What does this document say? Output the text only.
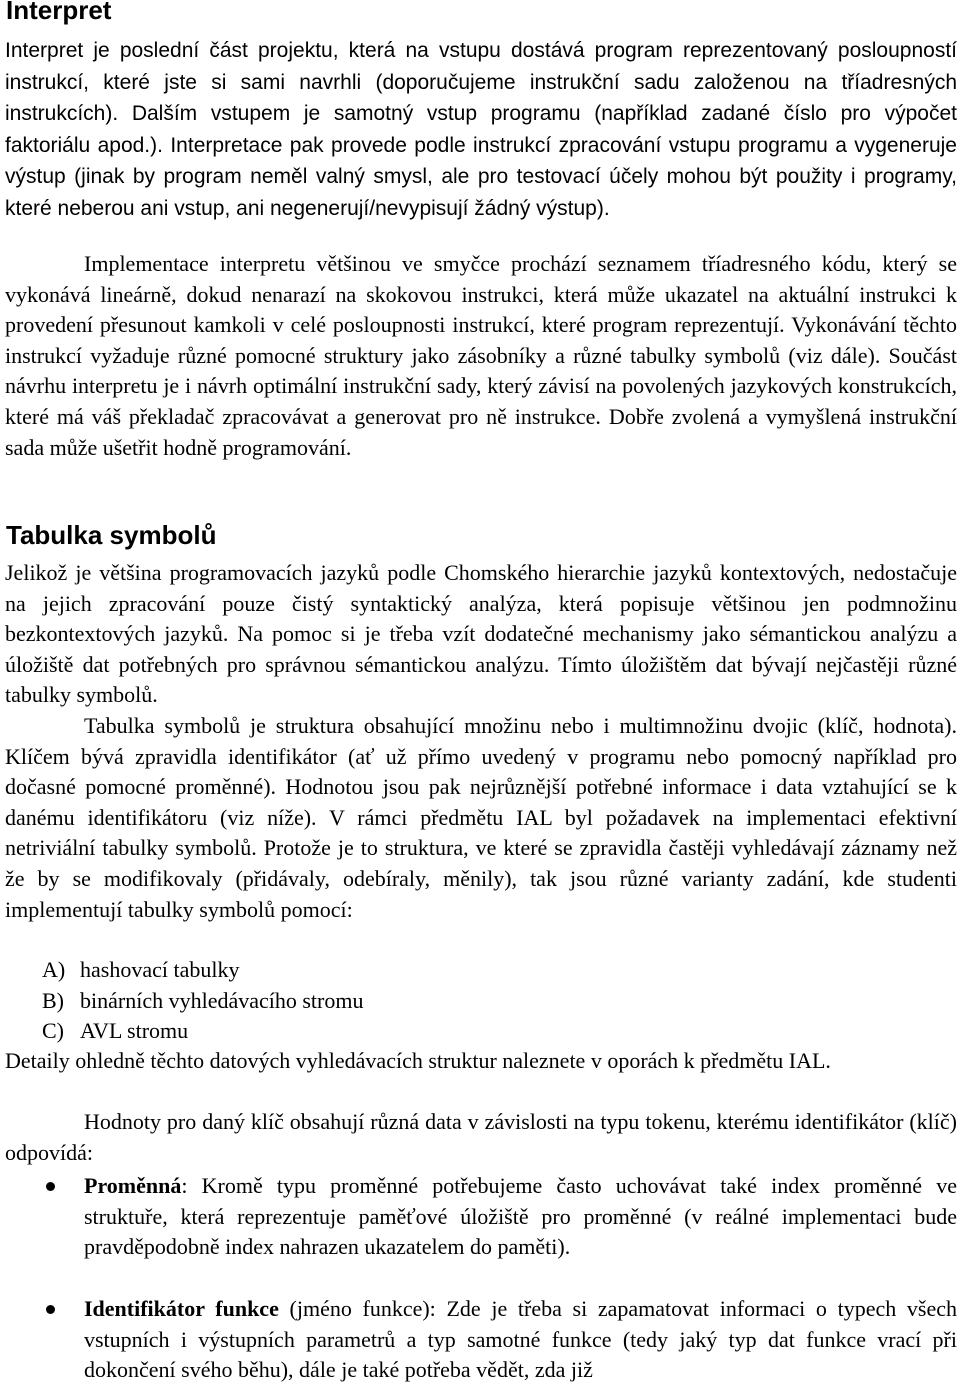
Interpret

Interpret je poslední část projektu, která na vstupu dostává program reprezentovaný posloupností instrukcí, které jste si sami navrhli (doporučujeme instrukční sadu založenou na tříadresných instrukcích). Dalším vstupem je samotný vstup programu (například zadané číslo pro výpočet faktoriálu apod.). Interpretace pak provede podle instrukcí zpracování vstupu programu a vygeneruje výstup (jinak by program neměl valný smysl, ale pro testovací účely mohou být použity i programy, které neberou ani vstup, ani negenerují/nevypisují žádný výstup).

Implementace interpretu většinou ve smyčce prochází seznamem tříadresného kódu, který se vykonává lineárně, dokud nenarazí na skokovou instrukci, která může ukazatel na aktuální instrukci k provedení přesunout kamkoli v celé posloupnosti instrukcí, které program reprezentují. Vykonávání těchto instrukcí vyžaduje různé pomocné struktury jako zásobníky a různé tabulky symbolů (viz dále). Součást návrhu interpretu je i návrh optimální instrukční sady, který závisí na povolených jazykových konstrukcích, které má váš překladač zpracovávat a generovat pro ně instrukce. Dobře zvolená a vymyšlená instrukční sada může ušetřit hodně programování.

Tabulka symbolů

Jelikož je většina programovacích jazyků podle Chomského hierarchie jazyků kontextových, nedostačuje na jejich zpracování pouze čistý syntaktický analýza, která popisuje většinou jen podmnožinu bezkontextových jazyků. Na pomoc si je třeba vzít dodatečné mechanismy jako sémantickou analýzu a úložiště dat potřebných pro správnou sémantickou analýzu. Tímto úložištěm dat bývají nejčastěji různé tabulky symbolů.

Tabulka symbolů je struktura obsahující množinu nebo i multimnožinu dvojic (klíč, hodnota). Klíčem bývá zpravidla identifikátor (ať už přímo uvedený v programu nebo pomocný například pro dočasné pomocné proměnné). Hodnotou jsou pak nejrůznější potřebné informace i data vztahující se k danému identifikátoru (viz níže). V rámci předmětu IAL byl požadavek na implementaci efektivní netriviální tabulky symbolů. Protože je to struktura, ve které se zpravidla častěji vyhledávají záznamy než že by se modifikovaly (přidávaly, odebíraly, měnily), tak jsou různé varianty zadání, kde studenti implementují tabulky symbolů pomocí:

A) hashovací tabulky
B) binárních vyhledávacího stromu
C) AVL stromu

Detaily ohledně těchto datových vyhledávacích struktur naleznete v oporách k předmětu IAL.

Hodnoty pro daný klíč obsahují různá data v závislosti na typu tokenu, kterému identifikátor (klíč) odpovídá:

Proměnná: Kromě typu proměnné potřebujeme často uchovávat také index proměnné ve struktuře, která reprezentuje paměťové úložiště pro proměnné (v reálné implementaci bude pravděpodobně index nahrazen ukazatelem do paměti).
Identifikátor funkce (jméno funkce): Zde je třeba si zapamatovat informaci o typech všech vstupních i výstupních parametrů a typ samotné funkce (tedy jaký typ dat funkce vrací při dokončení svého běhu), dále je také potřeba vědět, zda již
